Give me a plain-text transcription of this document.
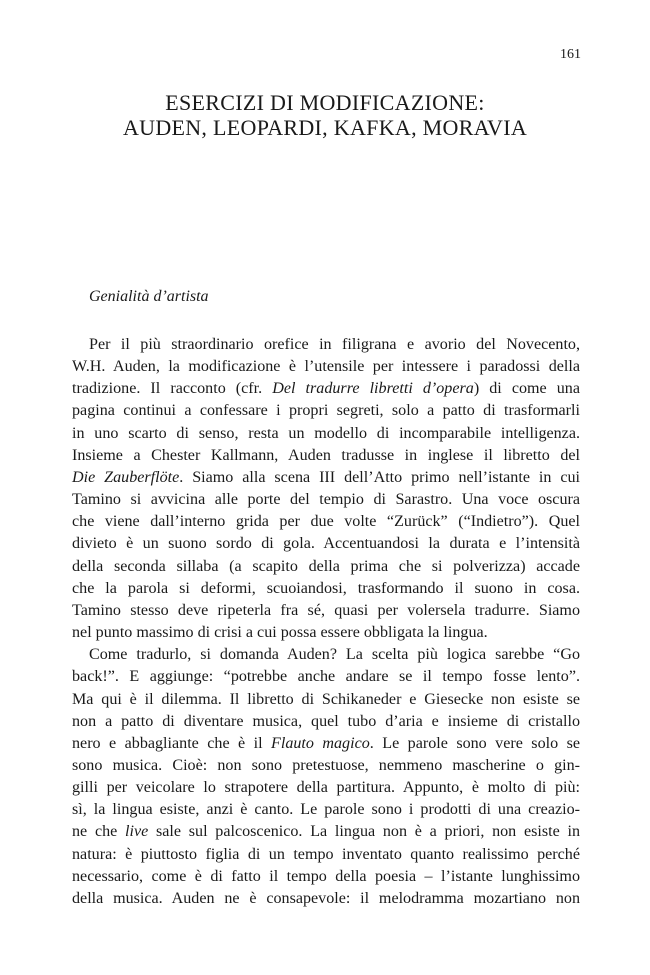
161
ESERCIZI DI MODIFICAZIONE:
AUDEN, LEOPARDI, KAFKA, MORAVIA
Genialità d’artista
Per il più straordinario orefice in filigrana e avorio del Novecento,
W.H. Auden, la modificazione è l’utensile per intessere i paradossi della
tradizione. Il racconto (cfr. Del tradurre libretti d’opera) di come una
pagina continui a confessare i propri segreti, solo a patto di trasformarli
in uno scarto di senso, resta un modello di incomparabile intelligenza.
Insieme a Chester Kallmann, Auden tradusse in inglese il libretto del
Die Zauberflöte. Siamo alla scena III dell’Atto primo nell’istante in cui
Tamino si avvicina alle porte del tempio di Sarastro. Una voce oscura
che viene dall’interno grida per due volte “Zurück” (“Indietro”). Quel
divieto è un suono sordo di gola. Accentuandosi la durata e l’intensità
della seconda sillaba (a scapito della prima che si polverizza) accade
che la parola si deformi, scuoiandosi, trasformando il suono in cosa.
Tamino stesso deve ripeterla fra sé, quasi per volersela tradurre. Siamo
nel punto massimo di crisi a cui possa essere obbligata la lingua.
Come tradurlo, si domanda Auden? La scelta più logica sarebbe “Go
back!”. E aggiunge: “potrebbe anche andare se il tempo fosse lento”.
Ma qui è il dilemma. Il libretto di Schikaneder e Giesecke non esiste se
non a patto di diventare musica, quel tubo d’aria e insieme di cristallo
nero e abbagliante che è il Flauto magico. Le parole sono vere solo se
sono musica. Cioè: non sono pretestuose, nemmeno mascherine o gin-
gilli per veicolare lo strapotere della partitura. Appunto, è molto di più:
sì, la lingua esiste, anzi è canto. Le parole sono i prodotti di una creazio-
ne che live sale sul palcoscenico. La lingua non è a priori, non esiste in
natura: è piuttosto figlia di un tempo inventato quanto realissimo perché
necessario, come è di fatto il tempo della poesia – l’istante lunghissimo
della musica. Auden ne è consapevole: il melodramma mozartiano non
